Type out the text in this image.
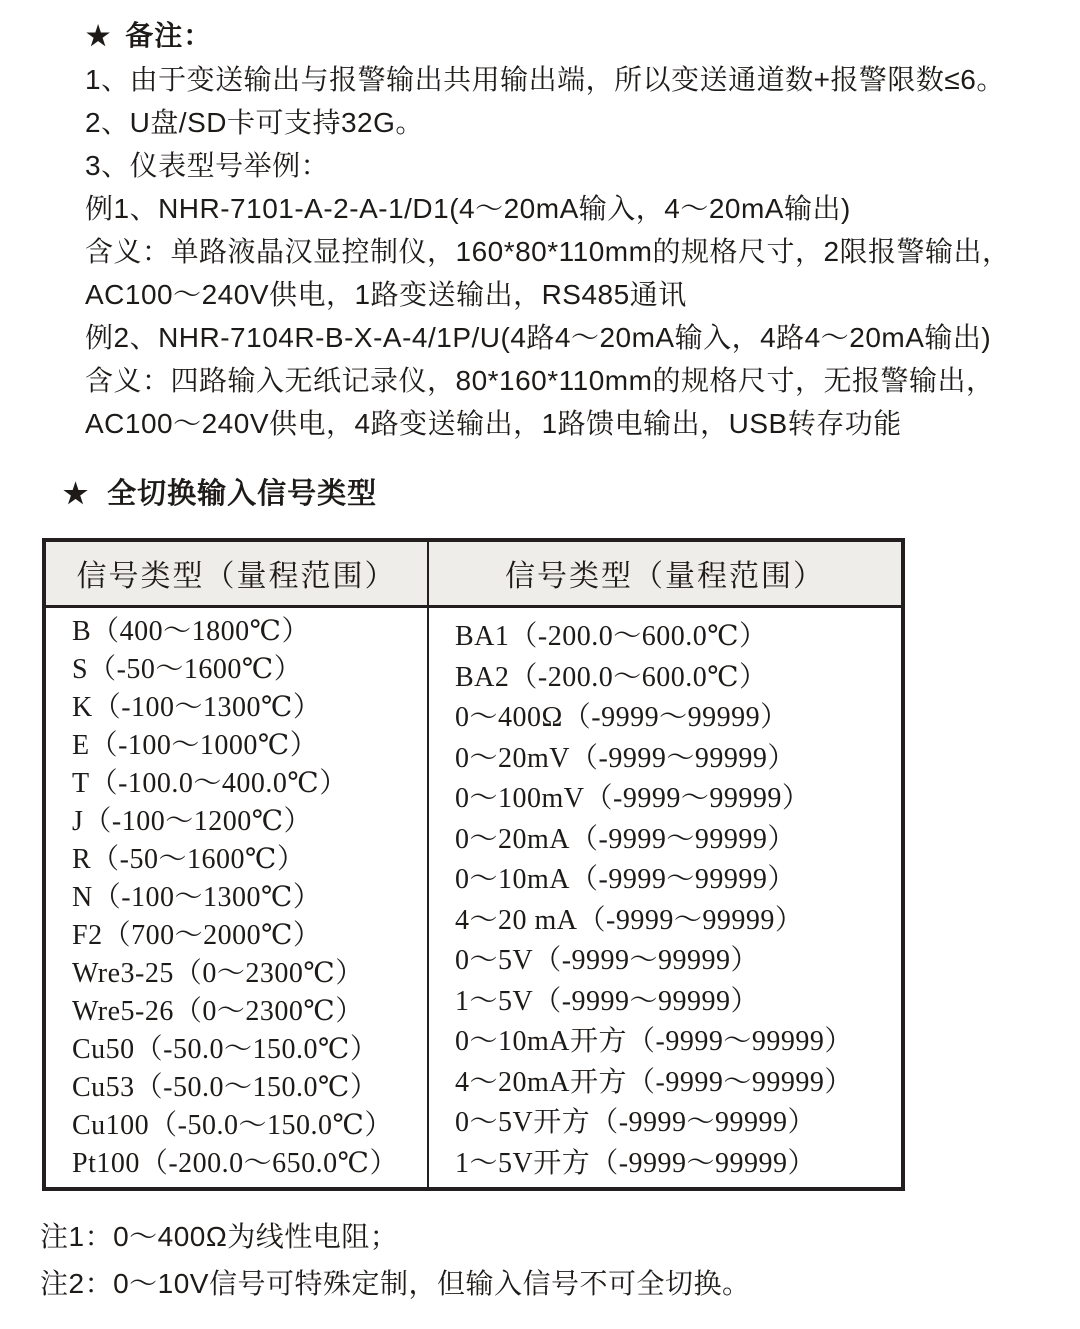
★ 备注：

1、由于变送输出与报警输出共用输出端，所以变送通道数+报警限数≤6。

2、U盘/SD卡可支持32G。

3、仪表型号举例：

例1、NHR-7101-A-2-A-1/D1(4～20mA输入，4～20mA输出)

含义：单路液晶汉显控制仪，160*80*110mm的规格尺寸，2限报警输出，

AC100～240V供电，1路变送输出，RS485通讯

例2、NHR-7104R-B-X-A-4/1P/U(4路4～20mA输入，4路4～20mA输出)

含义：四路输入无纸记录仪，80*160*110mm的规格尺寸，无报警输出，

AC100～240V供电，4路变送输出，1路馈电输出，USB转存功能

★ 全切换输入信号类型
信号类型（量程范围）	信号类型（量程范围）
B（400～1800℃）
S（-50～1600℃）
K（-100～1300℃）
E（-100～1000℃）
T（-100.0～400.0℃）
J（-100～1200℃）
R（-50～1600℃）
N（-100～1300℃）
F2（700～2000℃）
Wre3-25（0～2300℃）
Wre5-26（0～2300℃）
Cu50（-50.0～150.0℃）
Cu53（-50.0～150.0℃）
Cu100（-50.0～150.0℃）
Pt100（-200.0～650.0℃）
BA1（-200.0～600.0℃）
BA2（-200.0～600.0℃）
0～400Ω（-9999～99999）
0～20mV（-9999～99999）
0～100mV（-9999～99999）
0～20mA（-9999～99999）
0～10mA（-9999～99999）
4～20 mA（-9999～99999）
0～5V（-9999～99999）
1～5V（-9999～99999）
0～10mA开方（-9999～99999）
4～20mA开方（-9999～99999）
0～5V开方（-9999～99999）
1～5V开方（-9999～99999）

注1：0～400Ω为线性电阻；

注2：0～10V信号可特殊定制，但输入信号不可全切换。
